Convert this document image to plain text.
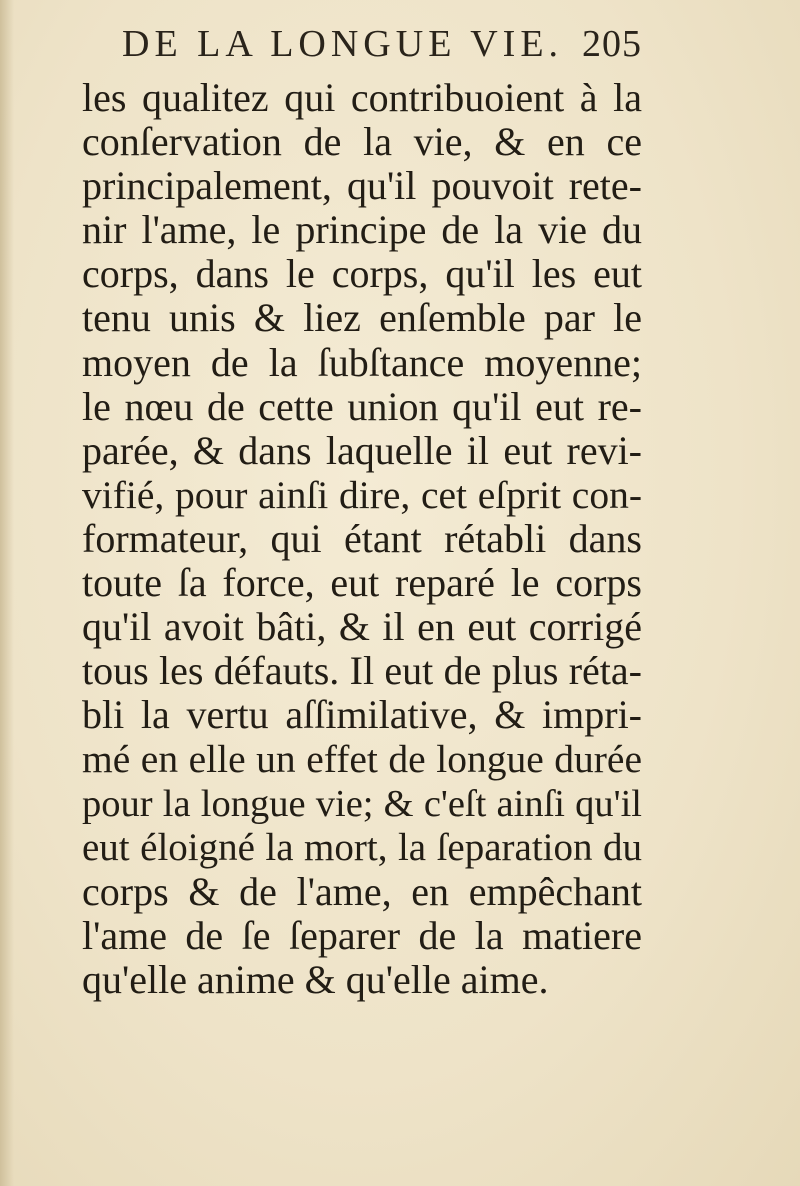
DE LA LONGUE VIE. 205
les qualitez qui contribuoient à la
conſervation de la vie, & en ce
principalement, qu'il pouvoit rete-
nir l'ame, le principe de la vie du
corps, dans le corps, qu'il les eut
tenu unis & liez enſemble par le
moyen de la ſubſtance moyenne;
le nœu de cette union qu'il eut re-
parée, & dans laquelle il eut revi-
vifié, pour ainſi dire, cet eſprit con-
formateur, qui étant rétabli dans
toute ſa force, eut reparé le corps
qu'il avoit bâti, & il en eut corrigé
tous les défauts. Il eut de plus réta-
bli la vertu aſſimilative, & impri-
mé en elle un effet de longue durée
pour la longue vie; & c'eſt ainſi qu'il
eut éloigné la mort, la ſeparation du
corps & de l'ame, en empêchant
l'ame de ſe ſeparer de la matiere
qu'elle anime & qu'elle aime.
